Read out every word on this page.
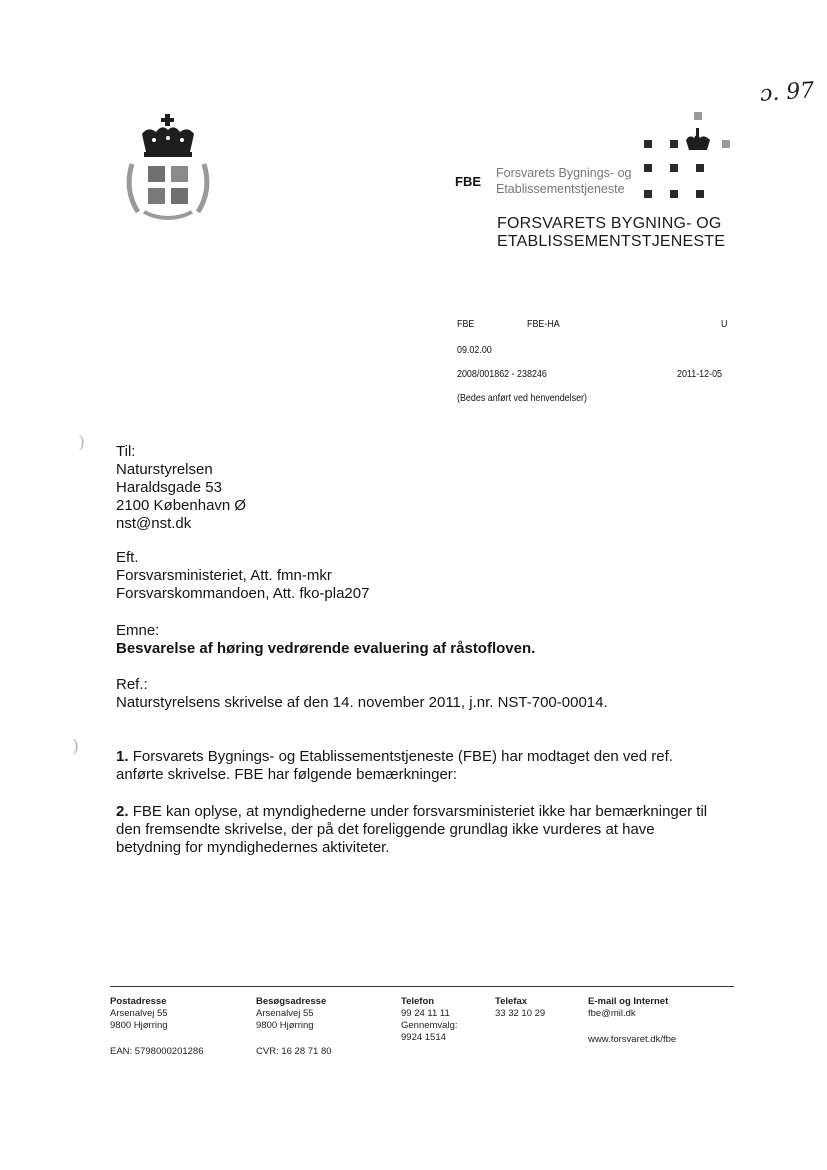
ɔ. 97
)
)
FBE
Forsvarets Bygnings- og
Etablissementstjeneste
FORSVARETS BYGNING- OG
ETABLISSEMENTSTJENESTE
FBE	FBE-HA	U
09.02.00
2008/001862 - 238246	2011-12-05
(Bedes anført ved henvendelser)
Til:
Naturstyrelsen
Haraldsgade 53
2100 København Ø
nst@nst.dk
Eft.
Forsvarsministeriet, Att. fmn-mkr
Forsvarskommandoen, Att. fko-pla207
Emne:
Besvarelse af høring vedrørende evaluering af råstofloven.
Ref.:
Naturstyrelsens skrivelse af den 14. november 2011, j.nr. NST-700-00014.
1. Forsvarets Bygnings- og Etablissementstjeneste (FBE) har modtaget den ved ref.
anførte skrivelse. FBE har følgende bemærkninger:
2. FBE kan oplyse, at myndighederne under forsvarsministeriet ikke har bemærkninger til
den fremsendte skrivelse, der på det foreliggende grundlag ikke vurderes at have
betydning for myndighedernes aktiviteter.
Postadresse
Arsenalvej 55
9800 Hjørring
EAN: 5798000201286
Besøgsadresse
Arsenalvej 55
9800 Hjørring
CVR: 16 28 71 80
Telefon
99 24 11 11
Gennemvalg:
9924 1514
Telefax
33 32 10 29
E-mail og Internet
fbe@mil.dk
www.forsvaret.dk/fbe
